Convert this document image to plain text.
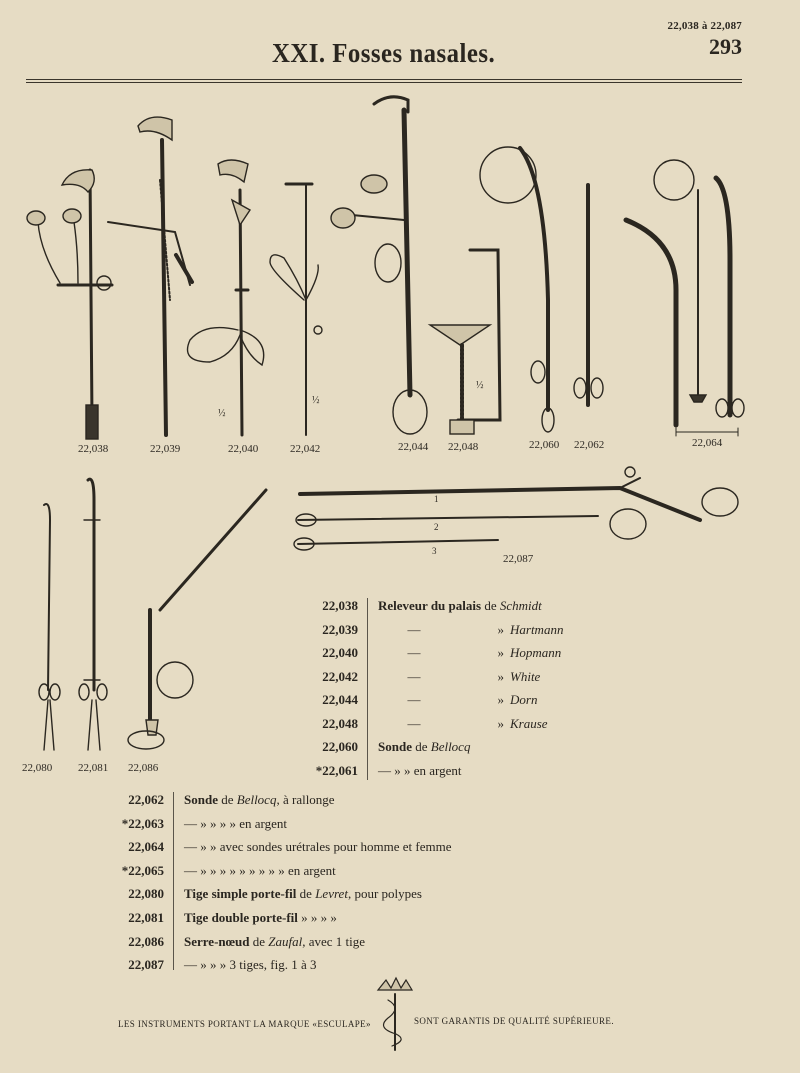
22,038 à 22,087
293
XXI. Fosses nasales.
22,038	22,039	22,040	22,042	22,044 22,048	22,060 22,062	22,064
½
½
½
22,080 22,081 22,086
22,087
1
2
3
22,038 Releveur du palais de Schmidt
22,039	—	» Hartmann
22,040	—	» Hopmann
22,042	—	» White
22,044	—	» Dorn
22,048	—	» Krause
22,060 Sonde de Bellocq
*22,061 — » » en argent
22,062 Sonde de Bellocq, à rallonge
*22,063 — » » » » en argent
22,064 — » » avec sondes urétrales pour homme et femme
*22,065 — » » » » » » » » » en argent
22,080 Tige simple porte-fil de Levret, pour polypes
22,081 Tige double porte-fil » » » »
22,086 Serre-nœud de Zaufal, avec 1 tige
22,087 — » » » 3 tiges, fig. 1 à 3
LES INSTRUMENTS PORTANT LA MARQUE «ESCULAPE»	SONT GARANTIS DE QUALITÉ SUPÉRIEURE.
